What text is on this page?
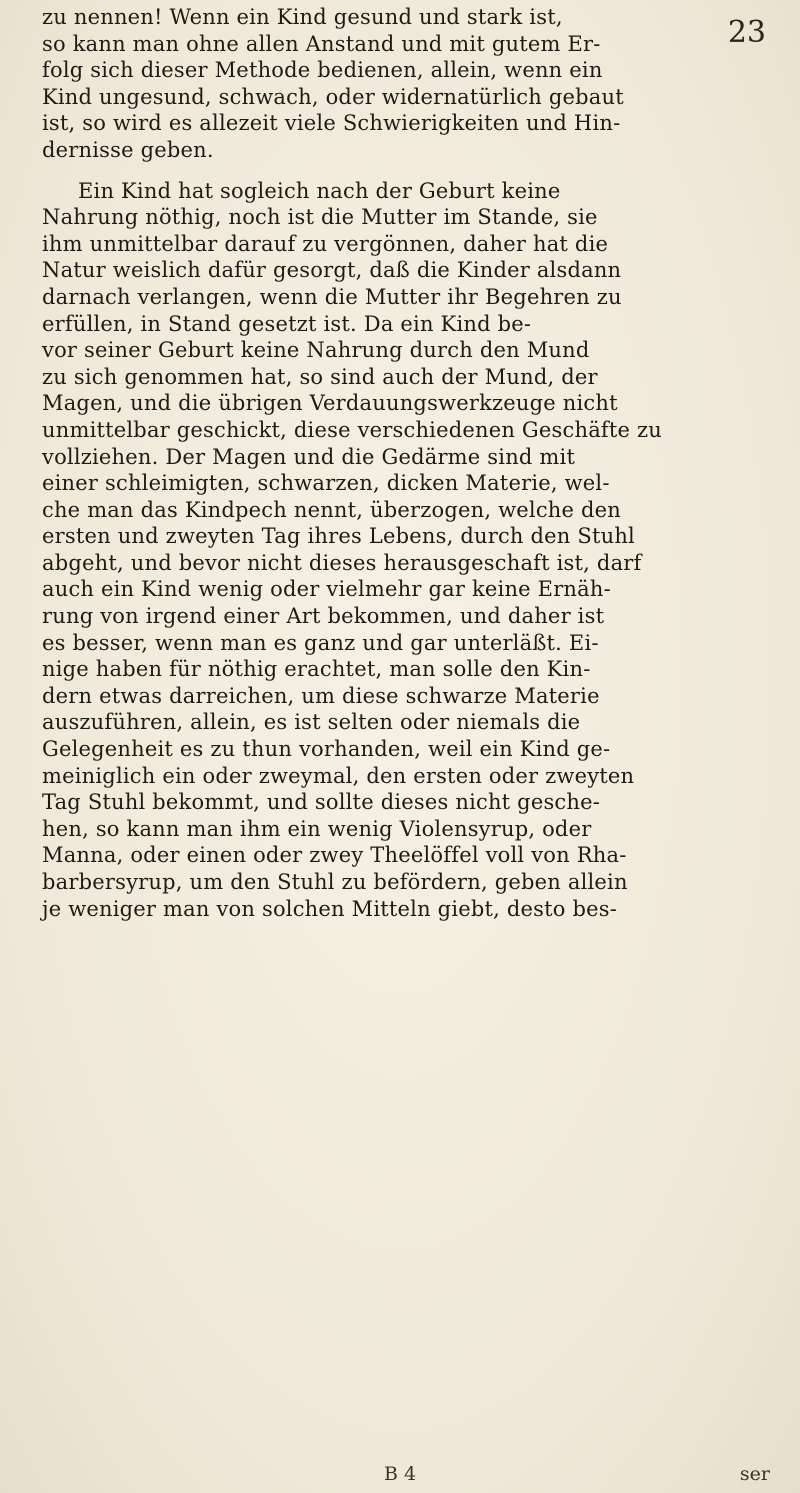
23
zu nennen! Wenn ein Kind gesund und stark ist,
so kann man ohne allen Anstand und mit gutem Er-
folg sich dieser Methode bedienen, allein, wenn ein
Kind ungesund, schwach, oder widernatürlich gebaut
ist, so wird es allezeit viele Schwierigkeiten und Hin-
dernisse geben.
Ein Kind hat sogleich nach der Geburt keine
Nahrung nöthig, noch ist die Mutter im Stande, sie
ihm unmittelbar darauf zu vergönnen, daher hat die
Natur weislich dafür gesorgt, daß die Kinder alsdann
darnach verlangen, wenn die Mutter ihr Begehren zu
erfüllen, in Stand gesetzt ist. Da ein Kind be-
vor seiner Geburt keine Nahrung durch den Mund
zu sich genommen hat, so sind auch der Mund, der
Magen, und die übrigen Verdauungswerkzeuge nicht
unmittelbar geschickt, diese verschiedenen Geschäfte zu
vollziehen. Der Magen und die Gedärme sind mit
einer schleimigten, schwarzen, dicken Materie, wel-
che man das Kindpech nennt, überzogen, welche den
ersten und zweyten Tag ihres Lebens, durch den Stuhl
abgeht, und bevor nicht dieses herausgeschaft ist, darf
auch ein Kind wenig oder vielmehr gar keine Ernäh-
rung von irgend einer Art bekommen, und daher ist
es besser, wenn man es ganz und gar unterläßt. Ei-
nige haben für nöthig erachtet, man solle den Kin-
dern etwas darreichen, um diese schwarze Materie
auszuführen, allein, es ist selten oder niemals die
Gelegenheit es zu thun vorhanden, weil ein Kind ge-
meiniglich ein oder zweymal, den ersten oder zweyten
Tag Stuhl bekommt, und sollte dieses nicht gesche-
hen, so kann man ihm ein wenig Violensyrup, oder
Manna, oder einen oder zwey Theelöffel voll von Rha-
barbersyrup, um den Stuhl zu befördern, geben allein
je weniger man von solchen Mitteln giebt, desto bes-
B 4	ser
